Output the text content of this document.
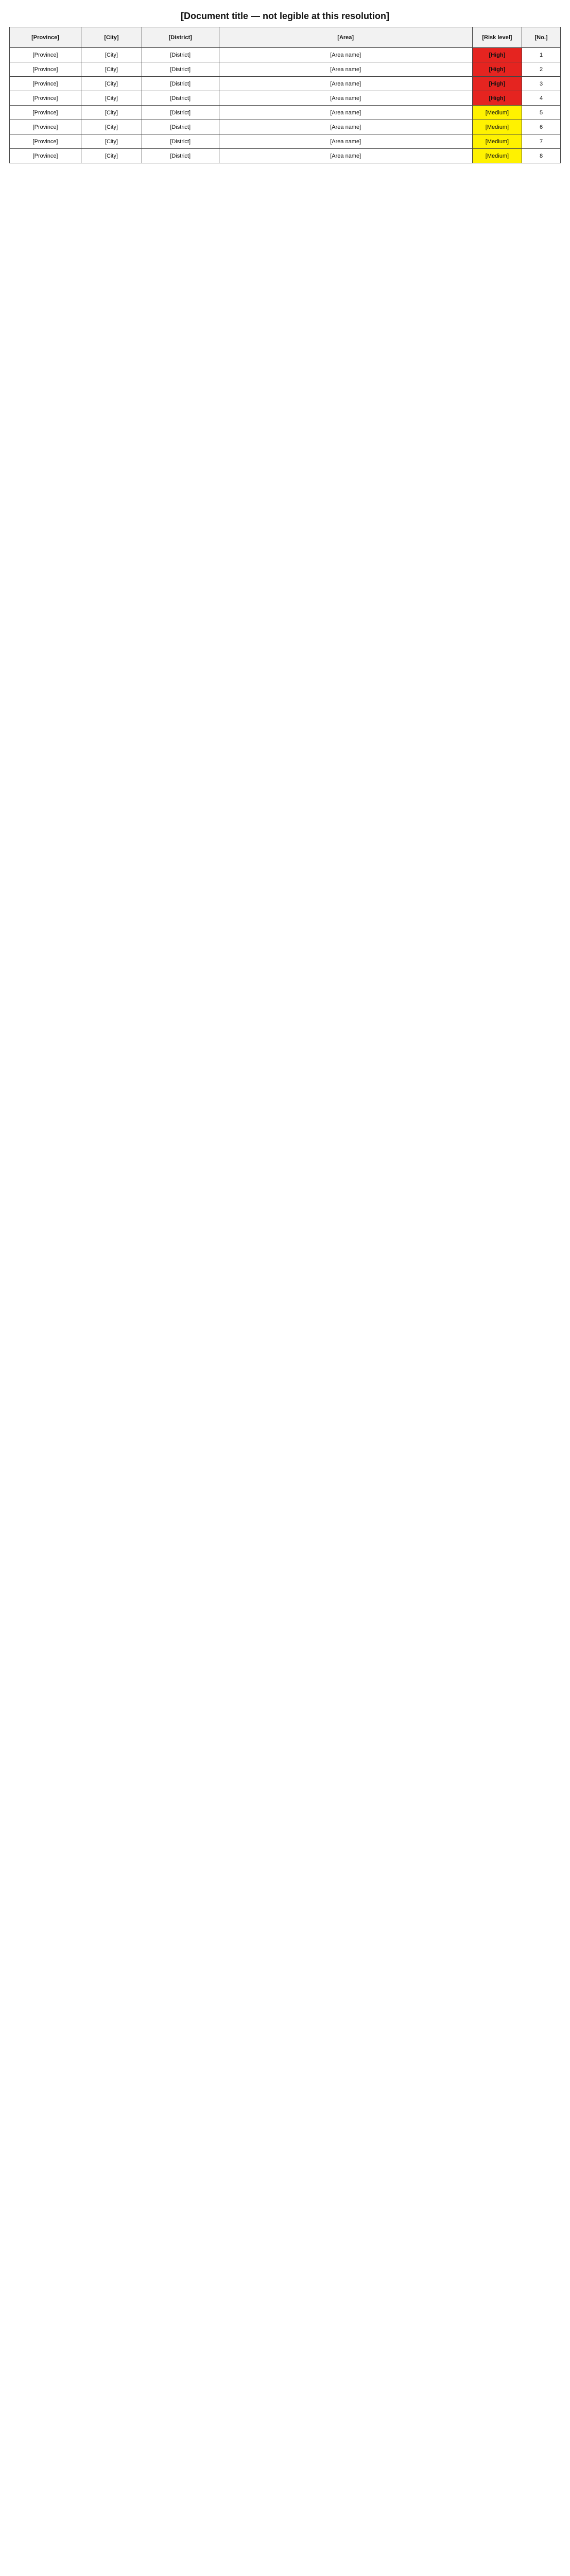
[Document title — not legible at this resolution]
[Province]	[City]	[District]	[Area]	[Risk level]	[No.]
[Province]	[City]	[District]	[Area name]	[High]	1
[Province]	[City]	[District]	[Area name]	[High]	2
[Province]	[City]	[District]	[Area name]	[High]	3
[Province]	[City]	[District]	[Area name]	[High]	4
[Province]	[City]	[District]	[Area name]	[Medium]	5
[Province]	[City]	[District]	[Area name]	[Medium]	6
[Province]	[City]	[District]	[Area name]	[Medium]	7
[Province]	[City]	[District]	[Area name]	[Medium]	8
